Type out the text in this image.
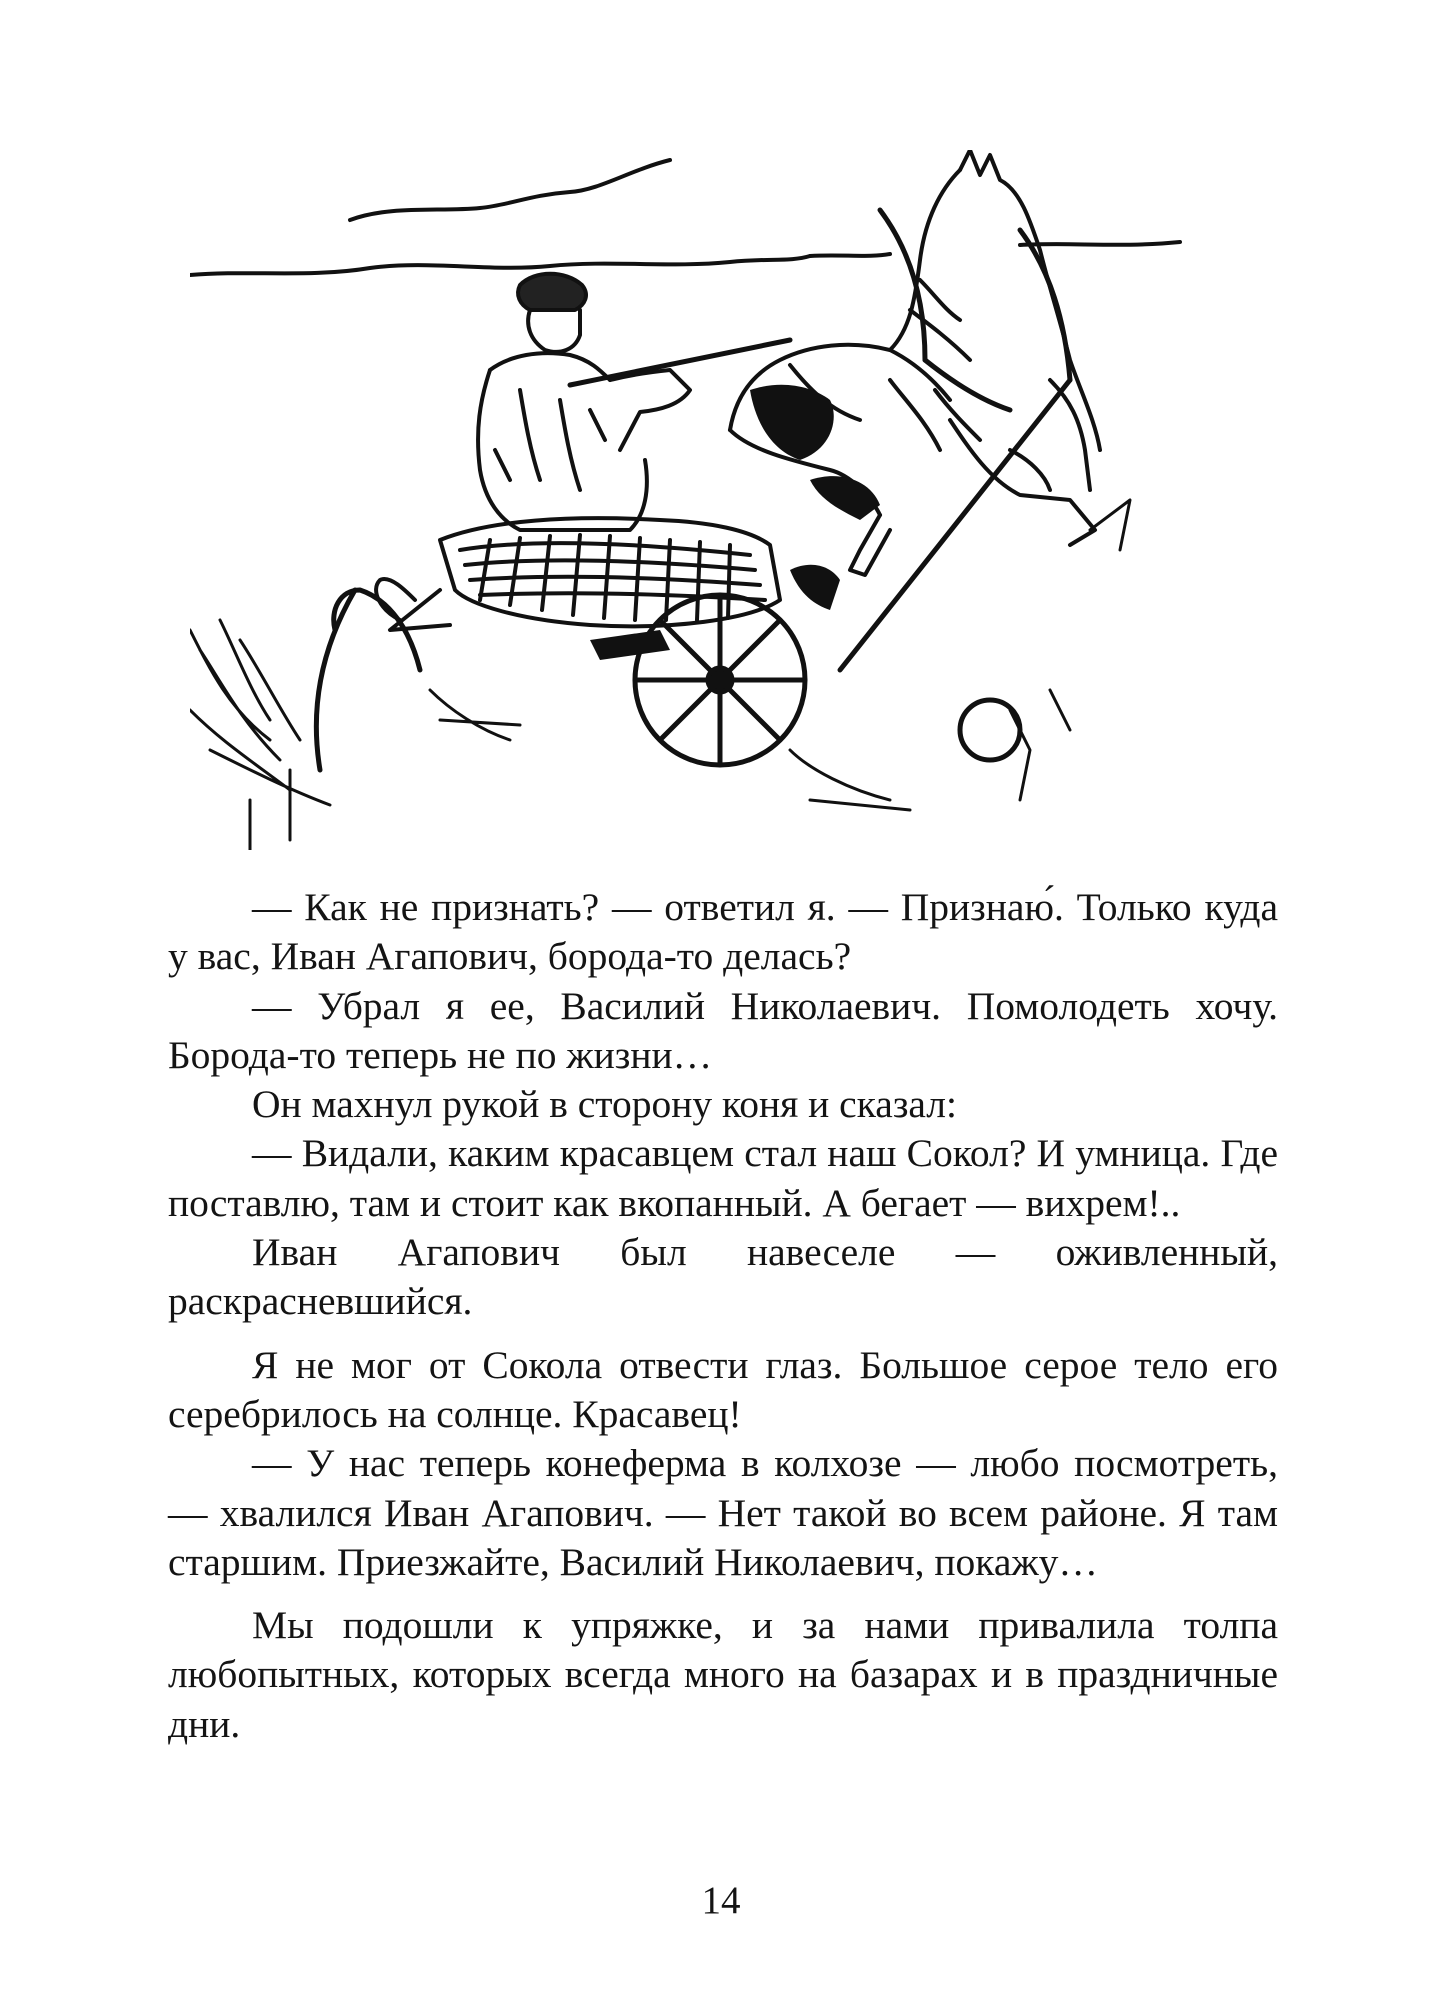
— Как не признать? — ответил я. — Признаю́. Только куда у вас, Иван Агапович, борода-то делась?

— Убрал я ее, Василий Николаевич. Помолодеть хочу. Борода-то теперь не по жизни…

Он махнул рукой в сторону коня и сказал:

— Видали, каким красавцем стал наш Сокол? И умница. Где поставлю, там и стоит как вкопанный. А бегает — вихрем!..

Иван Агапович был навеселе — оживленный, раскрасневшийся.

Я не мог от Сокола отвести глаз. Большое серое тело его серебрилось на солнце. Красавец!

— У нас теперь конеферма в колхозе — любо посмотреть, — хвалился Иван Агапович. — Нет такой во всем районе. Я там старшим. Приезжайте, Василий Николаевич, покажу…

Мы подошли к упряжке, и за нами привалила толпа любопытных, которых всегда много на базарах и в праздничные дни.

14
